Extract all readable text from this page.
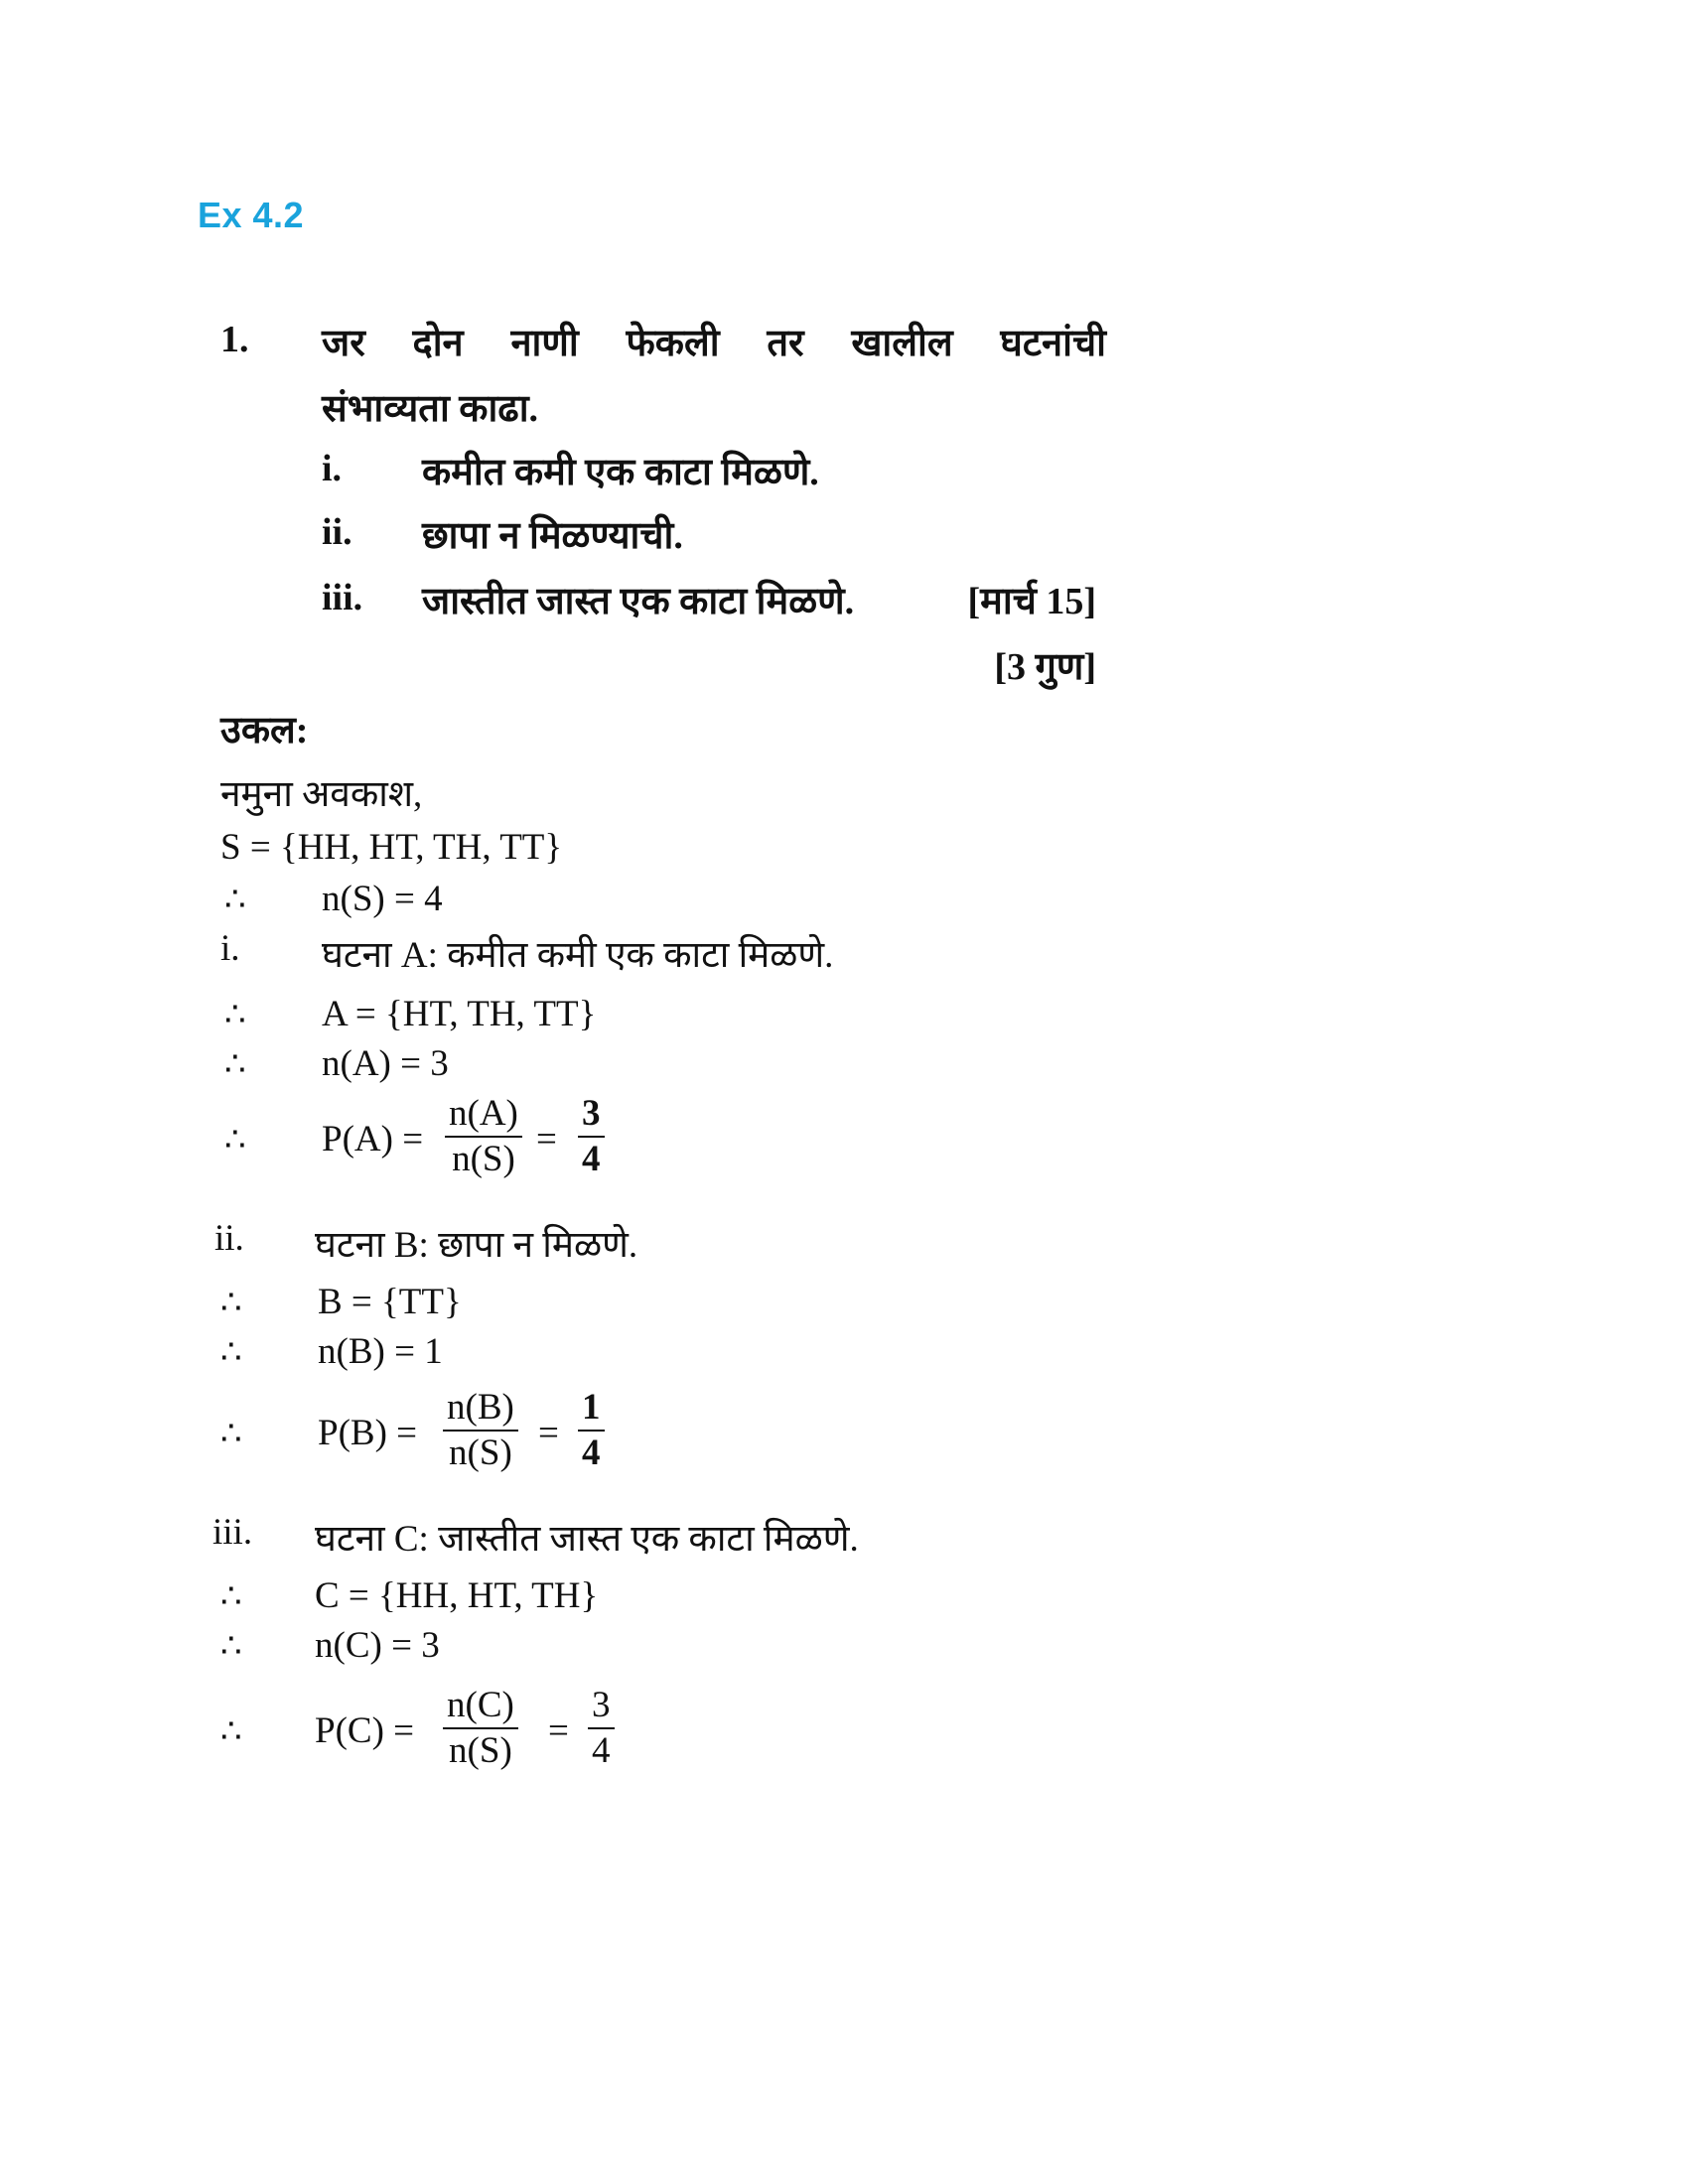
Ex 4.2
1. जर दोन नाणी फेकली तर खालील घटनांची
संभाव्यता काढा.
i. कमीत कमी एक काटा मिळणे.
ii. छापा न मिळण्याची.
iii. जास्तीत जास्त एक काटा मिळणे.	[मार्च 15]
[3 गुण]
उकल:
नमुना अवकाश,
S = {HH, HT, TH, TT}
∴ n(S) = 4
i. घटना A: कमीत कमी एक काटा मिळणे.
∴ A = {HT, TH, TT}
∴ n(A) = 3
∴ P(A) =
n(A)
n(S) =
3
4
ii. घटना B: छापा न मिळणे.
∴ B = {TT}
∴ n(B) = 1
∴ P(B) =
n(B)
n(S) =
1
4
iii. घटना C: जास्तीत जास्त एक काटा मिळणे.
∴ C = {HH, HT, TH}
∴ n(C) = 3
∴ P(C) =
n(C)
n(S) =
3
4
